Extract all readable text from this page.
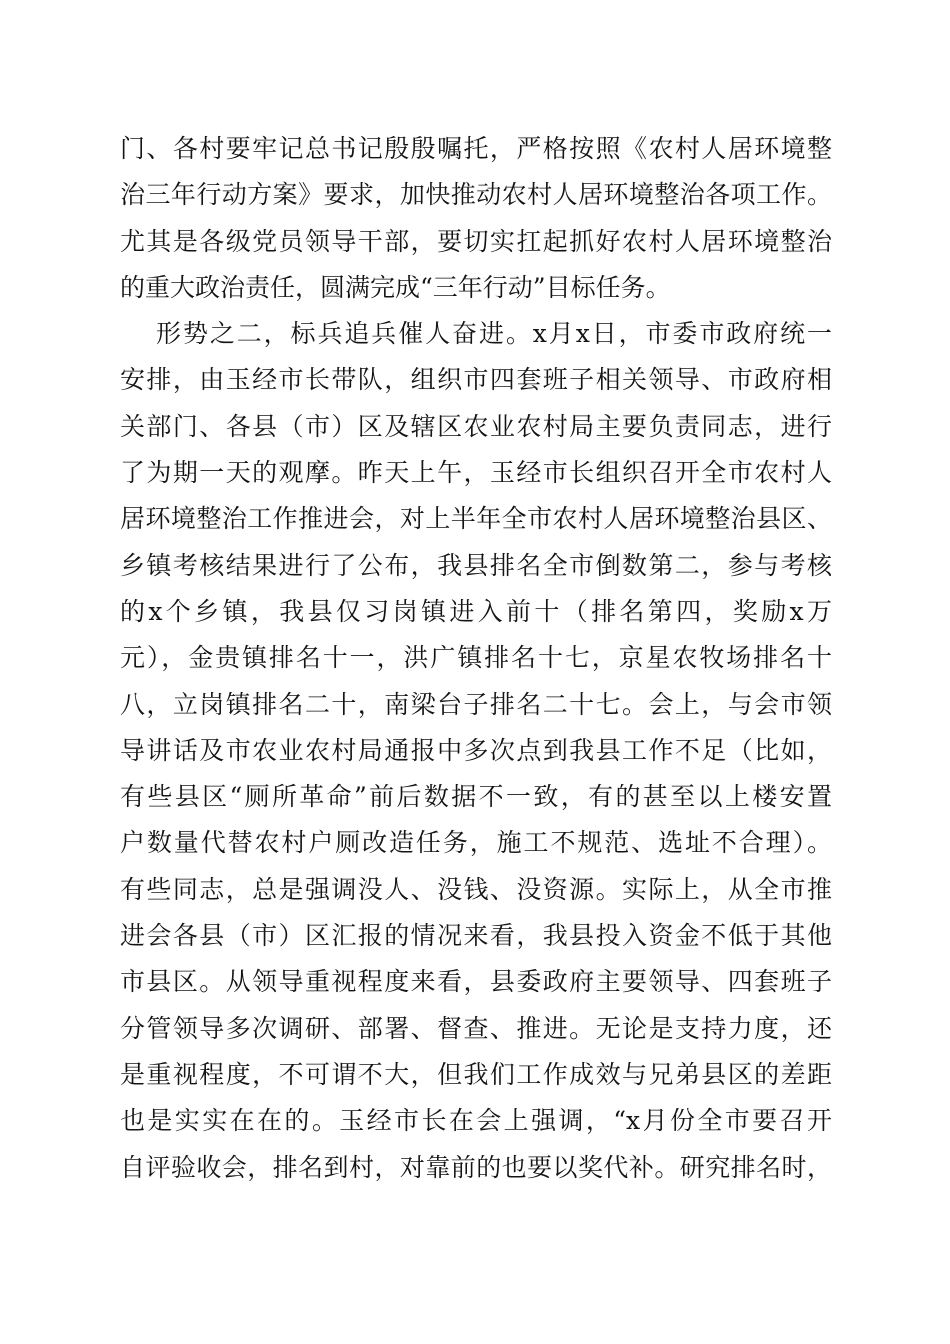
门、各村要牢记总书记殷殷嘱托，严格按照《农村人居环境整
治三年行动方案》要求，加快推动农村人居环境整治各项工作。
尤其是各级党员领导干部，要切实扛起抓好农村人居环境整治
的重大政治责任，圆满完成“三年行动”目标任务。
形势之二，标兵追兵催人奋进。x月x日，市委市政府统一
安排，由玉经市长带队，组织市四套班子相关领导、市政府相
关部门、各县（市）区及辖区农业农村局主要负责同志，进行
了为期一天的观摩。昨天上午，玉经市长组织召开全市农村人
居环境整治工作推进会，对上半年全市农村人居环境整治县区、
乡镇考核结果进行了公布，我县排名全市倒数第二，参与考核
的x个乡镇，我县仅习岗镇进入前十（排名第四，奖励x万
元），金贵镇排名十一，洪广镇排名十七，京星农牧场排名十
八，立岗镇排名二十，南梁台子排名二十七。会上，与会市领
导讲话及市农业农村局通报中多次点到我县工作不足（比如，
有些县区“厕所革命”前后数据不一致，有的甚至以上楼安置
户数量代替农村户厕改造任务，施工不规范、选址不合理）。
有些同志，总是强调没人、没钱、没资源。实际上，从全市推
进会各县（市）区汇报的情况来看，我县投入资金不低于其他
市县区。从领导重视程度来看，县委政府主要领导、四套班子
分管领导多次调研、部署、督查、推进。无论是支持力度，还
是重视程度，不可谓不大，但我们工作成效与兄弟县区的差距
也是实实在在的。玉经市长在会上强调，“x月份全市要召开
自评验收会，排名到村，对靠前的也要以奖代补。研究排名时，
